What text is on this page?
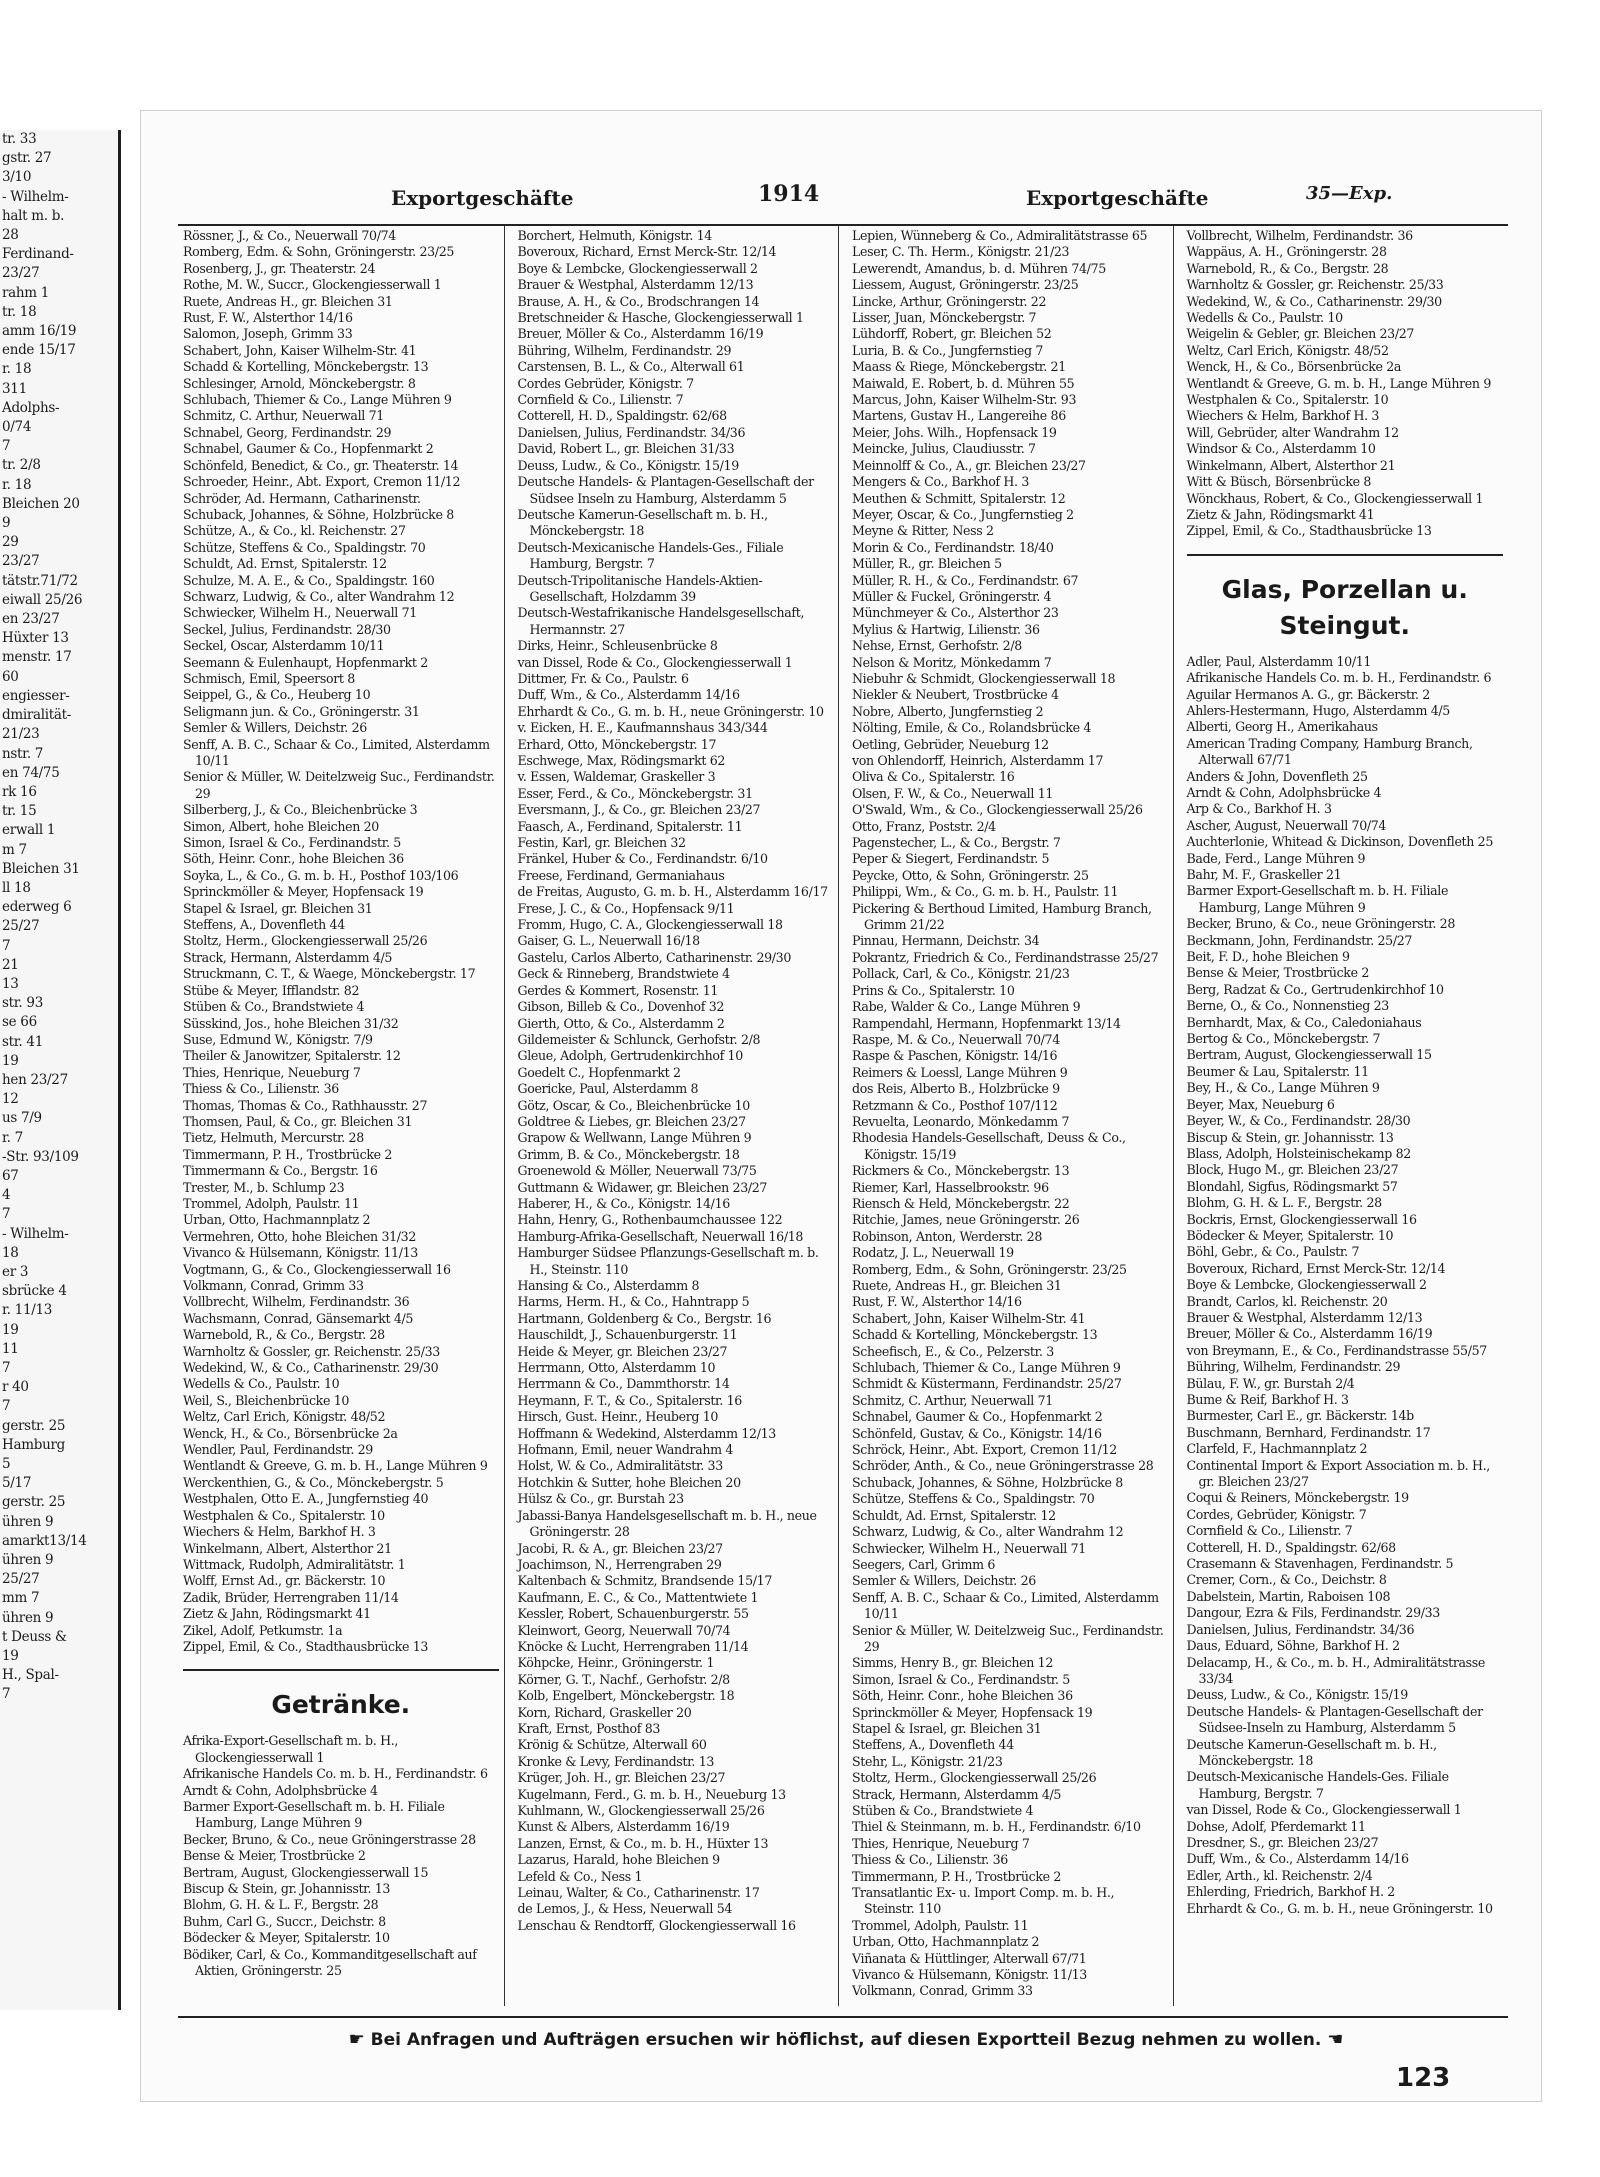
tr. 33
gstr. 27
3/10
- Wilhelm-
halt m. b.
28
Ferdinand-
23/27
rahm 1
tr. 18
amm 16/19
ende 15/17
r. 18
311
Adolphs-
0/74
7
tr. 2/8
r. 18
Bleichen 20
9
29
23/27
tätstr.71/72
eiwall 25/26
en 23/27
Hüxter 13
menstr. 17
60
engiesser-
dmiralität-
21/23
nstr. 7
en 74/75
rk 16
tr. 15
erwall 1
m 7
Bleichen 31
ll 18
ederweg 6
25/27
7
21
13
str. 93
se 66
str. 41
19
hen 23/27
12
us 7/9
r. 7
-Str. 93/109
67
4
7
- Wilhelm-
18
er 3
sbrücke 4
r. 11/13
19
11
7
r 40
7
gerstr. 25
Hamburg
5
5/17
gerstr. 25
ühren 9
amarkt13/14
ühren 9
25/27
mm 7
ühren 9
t Deuss &
19
H., Spal-
7
Exportgeschäfte	1914	Exportgeschäfte	35—Exp.
Rössner, J., & Co., Neuerwall 70/74
Romberg, Edm. & Sohn, Gröningerstr. 23/25
Rosenberg, J., gr. Theaterstr. 24
Rothe, M. W., Succr., Glockengiesserwall 1
Ruete, Andreas H., gr. Bleichen 31
Rust, F. W., Alsterthor 14/16
Salomon, Joseph, Grimm 33
Schabert, John, Kaiser Wilhelm-Str. 41
Schadd & Kortelling, Mönckebergstr. 13
Schlesinger, Arnold, Mönckebergstr. 8
Schlubach, Thiemer & Co., Lange Mühren 9
Schmitz, C. Arthur, Neuerwall 71
Schnabel, Georg, Ferdinandstr. 29
Schnabel, Gaumer & Co., Hopfenmarkt 2
Schönfeld, Benedict, & Co., gr. Theaterstr. 14
Schroeder, Heinr., Abt. Export, Cremon 11/12
Schröder, Ad. Hermann, Catharinenstr.
Schuback, Johannes, & Söhne, Holzbrücke 8
Schütze, A., & Co., kl. Reichenstr. 27
Schütze, Steffens & Co., Spaldingstr. 70
Schuldt, Ad. Ernst, Spitalerstr. 12
Schulze, M. A. E., & Co., Spaldingstr. 160
Schwarz, Ludwig, & Co., alter Wandrahm 12
Schwiecker, Wilhelm H., Neuerwall 71
Seckel, Julius, Ferdinandstr. 28/30
Seckel, Oscar, Alsterdamm 10/11
Seemann & Eulenhaupt, Hopfenmarkt 2
Schmisch, Emil, Speersort 8
Seippel, G., & Co., Heuberg 10
Seligmann jun. & Co., Gröningerstr. 31
Semler & Willers, Deichstr. 26
Senff, A. B. C., Schaar & Co., Limited, Alsterdamm 10/11
Senior & Müller, W. Deitelzweig Suc., Ferdinandstr. 29
Silberberg, J., & Co., Bleichenbrücke 3
Simon, Albert, hohe Bleichen 20
Simon, Israel & Co., Ferdinandstr. 5
Söth, Heinr. Conr., hohe Bleichen 36
Soyka, L., & Co., G. m. b. H., Posthof 103/106
Sprinckmöller & Meyer, Hopfensack 19
Stapel & Israel, gr. Bleichen 31
Steffens, A., Dovenfleth 44
Stoltz, Herm., Glockengiesserwall 25/26
Strack, Hermann, Alsterdamm 4/5
Struckmann, C. T., & Waege, Mönckebergstr. 17
Stübe & Meyer, Ifflandstr. 82
Stüben & Co., Brandstwiete 4
Süsskind, Jos., hohe Bleichen 31/32
Suse, Edmund W., Königstr. 7/9
Theiler & Janowitzer, Spitalerstr. 12
Thies, Henrique, Neueburg 7
Thiess & Co., Lilienstr. 36
Thomas, Thomas & Co., Rathhausstr. 27
Thomsen, Paul, & Co., gr. Bleichen 31
Tietz, Helmuth, Mercurstr. 28
Timmermann, P. H., Trostbrücke 2
Timmermann & Co., Bergstr. 16
Trester, M., b. Schlump 23
Trommel, Adolph, Paulstr. 11
Urban, Otto, Hachmannplatz 2
Vermehren, Otto, hohe Bleichen 31/32
Vivanco & Hülsemann, Königstr. 11/13
Vogtmann, G., & Co., Glockengiesserwall 16
Volkmann, Conrad, Grimm 33
Vollbrecht, Wilhelm, Ferdinandstr. 36
Wachsmann, Conrad, Gänsemarkt 4/5
Warnebold, R., & Co., Bergstr. 28
Warnholtz & Gossler, gr. Reichenstr. 25/33
Wedekind, W., & Co., Catharinenstr. 29/30
Wedells & Co., Paulstr. 10
Weil, S., Bleichenbrücke 10
Weltz, Carl Erich, Königstr. 48/52
Wenck, H., & Co., Börsenbrücke 2a
Wendler, Paul, Ferdinandstr. 29
Wentlandt & Greeve, G. m. b. H., Lange Mühren 9
Werckenthien, G., & Co., Mönckebergstr. 5
Westphalen, Otto E. A., Jungfernstieg 40
Westphalen & Co., Spitalerstr. 10
Wiechers & Helm, Barkhof H. 3
Winkelmann, Albert, Alsterthor 21
Wittmack, Rudolph, Admiralitätstr. 1
Wolff, Ernst Ad., gr. Bäckerstr. 10
Zadik, Brüder, Herrengraben 11/14
Zietz & Jahn, Rödingsmarkt 41
Zikel, Adolf, Petkumstr. 1a
Zippel, Emil, & Co., Stadthausbrücke 13
Getränke.
Afrika-Export-Gesellschaft m. b. H., Glockengiesserwall 1
Afrikanische Handels Co. m. b. H., Ferdinandstr. 6
Arndt & Cohn, Adolphsbrücke 4
Barmer Export-Gesellschaft m. b. H. Filiale Hamburg, Lange Mühren 9
Becker, Bruno, & Co., neue Gröningerstrasse 28
Bense & Meier, Trostbrücke 2
Bertram, August, Glockengiesserwall 15
Biscup & Stein, gr. Johannisstr. 13
Blohm, G. H. & L. F., Bergstr. 28
Buhm, Carl G., Succr., Deichstr. 8
Bödecker & Meyer, Spitalerstr. 10
Bödiker, Carl, & Co., Kommanditgesellschaft auf Aktien, Gröningerstr. 25
Borchert, Helmuth, Königstr. 14
Boveroux, Richard, Ernst Merck-Str. 12/14
Boye & Lembcke, Glockengiesserwall 2
Brauer & Westphal, Alsterdamm 12/13
Brause, A. H., & Co., Brodschrangen 14
Bretschneider & Hasche, Glockengiesserwall 1
Breuer, Möller & Co., Alsterdamm 16/19
Bühring, Wilhelm, Ferdinandstr. 29
Carstensen, B. L., & Co., Alterwall 61
Cordes Gebrüder, Königstr. 7
Cornfield & Co., Lilienstr. 7
Cotterell, H. D., Spaldingstr. 62/68
Danielsen, Julius, Ferdinandstr. 34/36
David, Robert L., gr. Bleichen 31/33
Deuss, Ludw., & Co., Königstr. 15/19
Deutsche Handels- & Plantagen-Gesellschaft der Südsee Inseln zu Hamburg, Alsterdamm 5
Deutsche Kamerun-Gesellschaft m. b. H., Mönckebergstr. 18
Deutsch-Mexicanische Handels-Ges., Filiale Hamburg, Bergstr. 7
Deutsch-Tripolitanische Handels-Aktien-Gesellschaft, Holzdamm 39
Deutsch-Westafrikanische Handelsgesellschaft, Hermannstr. 27
Dirks, Heinr., Schleusenbrücke 8
van Dissel, Rode & Co., Glockengiesserwall 1
Dittmer, Fr. & Co., Paulstr. 6
Duff, Wm., & Co., Alsterdamm 14/16
Ehrhardt & Co., G. m. b. H., neue Gröningerstr. 10
v. Eicken, H. E., Kaufmannshaus 343/344
Erhard, Otto, Mönckebergstr. 17
Eschwege, Max, Rödingsmarkt 62
v. Essen, Waldemar, Graskeller 3
Esser, Ferd., & Co., Mönckebergstr. 31
Eversmann, J., & Co., gr. Bleichen 23/27
Faasch, A., Ferdinand, Spitalerstr. 11
Festin, Karl, gr. Bleichen 32
Fränkel, Huber & Co., Ferdinandstr. 6/10
Freese, Ferdinand, Germaniahaus
de Freitas, Augusto, G. m. b. H., Alsterdamm 16/17
Frese, J. C., & Co., Hopfensack 9/11
Fromm, Hugo, C. A., Glockengiesserwall 18
Gaiser, G. L., Neuerwall 16/18
Gastelu, Carlos Alberto, Catharinenstr. 29/30
Geck & Rinneberg, Brandstwiete 4
Gerdes & Kommert, Rosenstr. 11
Gibson, Billeb & Co., Dovenhof 32
Gierth, Otto, & Co., Alsterdamm 2
Gildemeister & Schlunck, Gerhofstr. 2/8
Gleue, Adolph, Gertrudenkirchhof 10
Goedelt C., Hopfenmarkt 2
Goericke, Paul, Alsterdamm 8
Götz, Oscar, & Co., Bleichenbrücke 10
Goldtree & Liebes, gr. Bleichen 23/27
Grapow & Wellwann, Lange Mühren 9
Grimm, B. & Co., Mönckebergstr. 18
Groenewold & Möller, Neuerwall 73/75
Guttmann & Widawer, gr. Bleichen 23/27
Haberer, H., & Co., Königstr. 14/16
Hahn, Henry, G., Rothenbaumchaussee 122
Hamburg-Afrika-Gesellschaft, Neuerwall 16/18
Hamburger Südsee Pflanzungs-Gesellschaft m. b. H., Steinstr. 110
Hansing & Co., Alsterdamm 8
Harms, Herm. H., & Co., Hahntrapp 5
Hartmann, Goldenberg & Co., Bergstr. 16
Hauschildt, J., Schauenburgerstr. 11
Heide & Meyer, gr. Bleichen 23/27
Herrmann, Otto, Alsterdamm 10
Herrmann & Co., Dammthorstr. 14
Heymann, F. T., & Co., Spitalerstr. 16
Hirsch, Gust. Heinr., Heuberg 10
Hoffmann & Wedekind, Alsterdamm 12/13
Hofmann, Emil, neuer Wandrahm 4
Holst, W. & Co., Admiralitätstr. 33
Hotchkin & Sutter, hohe Bleichen 20
Hülsz & Co., gr. Burstah 23
Jabassi-Banya Handelsgesellschaft m. b. H., neue Gröningerstr. 28
Jacobi, R. & A., gr. Bleichen 23/27
Joachimson, N., Herrengraben 29
Kaltenbach & Schmitz, Brandsende 15/17
Kaufmann, E. C., & Co., Mattentwiete 1
Kessler, Robert, Schauenburgerstr. 55
Kleinwort, Georg, Neuerwall 70/74
Knöcke & Lucht, Herrengraben 11/14
Köhpcke, Heinr., Gröningerstr. 1
Körner, G. T., Nachf., Gerhofstr. 2/8
Kolb, Engelbert, Mönckebergstr. 18
Korn, Richard, Graskeller 20
Kraft, Ernst, Posthof 83
Krönig & Schütze, Alterwall 60
Kronke & Levy, Ferdinandstr. 13
Krüger, Joh. H., gr. Bleichen 23/27
Kugelmann, Ferd., G. m. b. H., Neueburg 13
Kuhlmann, W., Glockengiesserwall 25/26
Kunst & Albers, Alsterdamm 16/19
Lanzen, Ernst, & Co., m. b. H., Hüxter 13
Lazarus, Harald, hohe Bleichen 9
Lefeld & Co., Ness 1
Leinau, Walter, & Co., Catharinenstr. 17
de Lemos, J., & Hess, Neuerwall 54
Lenschau & Rendtorff, Glockengiesserwall 16
Lepien, Wünneberg & Co., Admiralitätstrasse 65
Leser, C. Th. Herm., Königstr. 21/23
Lewerendt, Amandus, b. d. Mühren 74/75
Liessem, August, Gröningerstr. 23/25
Lincke, Arthur, Gröningerstr. 22
Lisser, Juan, Mönckebergstr. 7
Lühdorff, Robert, gr. Bleichen 52
Luria, B. & Co., Jungfernstieg 7
Maass & Riege, Mönckebergstr. 21
Maiwald, E. Robert, b. d. Mühren 55
Marcus, John, Kaiser Wilhelm-Str. 93
Martens, Gustav H., Langereihe 86
Meier, Johs. Wilh., Hopfensack 19
Meincke, Julius, Claudiusstr. 7
Meinnolff & Co., A., gr. Bleichen 23/27
Mengers & Co., Barkhof H. 3
Meuthen & Schmitt, Spitalerstr. 12
Meyer, Oscar, & Co., Jungfernstieg 2
Meyne & Ritter, Ness 2
Morin & Co., Ferdinandstr. 18/40
Müller, R., gr. Bleichen 5
Müller, R. H., & Co., Ferdinandstr. 67
Müller & Fuckel, Gröningerstr. 4
Münchmeyer & Co., Alsterthor 23
Mylius & Hartwig, Lilienstr. 36
Nehse, Ernst, Gerhofstr. 2/8
Nelson & Moritz, Mönkedamm 7
Niebuhr & Schmidt, Glockengiesserwall 18
Niekler & Neubert, Trostbrücke 4
Nobre, Alberto, Jungfernstieg 2
Nölting, Emile, & Co., Rolandsbrücke 4
Oetling, Gebrüder, Neueburg 12
von Ohlendorff, Heinrich, Alsterdamm 17
Oliva & Co., Spitalerstr. 16
Olsen, F. W., & Co., Neuerwall 11
O'Swald, Wm., & Co., Glockengiesserwall 25/26
Otto, Franz, Poststr. 2/4
Pagenstecher, L., & Co., Bergstr. 7
Peper & Siegert, Ferdinandstr. 5
Peycke, Otto, & Sohn, Gröningerstr. 25
Philippi, Wm., & Co., G. m. b. H., Paulstr. 11
Pickering & Berthoud Limited, Hamburg Branch, Grimm 21/22
Pinnau, Hermann, Deichstr. 34
Pokrantz, Friedrich & Co., Ferdinandstrasse 25/27
Pollack, Carl, & Co., Königstr. 21/23
Prins & Co., Spitalerstr. 10
Rabe, Walder & Co., Lange Mühren 9
Rampendahl, Hermann, Hopfenmarkt 13/14
Raspe, M. & Co., Neuerwall 70/74
Raspe & Paschen, Königstr. 14/16
Reimers & Loessl, Lange Mühren 9
dos Reis, Alberto B., Holzbrücke 9
Retzmann & Co., Posthof 107/112
Revuelta, Leonardo, Mönkedamm 7
Rhodesia Handels-Gesellschaft, Deuss & Co., Königstr. 15/19
Rickmers & Co., Mönckebergstr. 13
Riemer, Karl, Hasselbrookstr. 96
Riensch & Held, Mönckebergstr. 22
Ritchie, James, neue Gröningerstr. 26
Robinson, Anton, Werderstr. 28
Rodatz, J. L., Neuerwall 19
Romberg, Edm., & Sohn, Gröningerstr. 23/25
Ruete, Andreas H., gr. Bleichen 31
Rust, F. W., Alsterthor 14/16
Schabert, John, Kaiser Wilhelm-Str. 41
Schadd & Kortelling, Mönckebergstr. 13
Scheefisch, E., & Co., Pelzerstr. 3
Schlubach, Thiemer & Co., Lange Mühren 9
Schmidt & Küstermann, Ferdinandstr. 25/27
Schmitz, C. Arthur, Neuerwall 71
Schnabel, Gaumer & Co., Hopfenmarkt 2
Schönfeld, Gustav, & Co., Königstr. 14/16
Schröck, Heinr., Abt. Export, Cremon 11/12
Schröder, Anth., & Co., neue Gröningerstrasse 28
Schuback, Johannes, & Söhne, Holzbrücke 8
Schütze, Steffens & Co., Spaldingstr. 70
Schuldt, Ad. Ernst, Spitalerstr. 12
Schwarz, Ludwig, & Co., alter Wandrahm 12
Schwiecker, Wilhelm H., Neuerwall 71
Seegers, Carl, Grimm 6
Semler & Willers, Deichstr. 26
Senff, A. B. C., Schaar & Co., Limited, Alsterdamm 10/11
Senior & Müller, W. Deitelzweig Suc., Ferdinandstr. 29
Simms, Henry B., gr. Bleichen 12
Simon, Israel & Co., Ferdinandstr. 5
Söth, Heinr. Conr., hohe Bleichen 36
Sprinckmöller & Meyer, Hopfensack 19
Stapel & Israel, gr. Bleichen 31
Steffens, A., Dovenfleth 44
Stehr, L., Königstr. 21/23
Stoltz, Herm., Glockengiesserwall 25/26
Strack, Hermann, Alsterdamm 4/5
Stüben & Co., Brandstwiete 4
Thiel & Steinmann, m. b. H., Ferdinandstr. 6/10
Thies, Henrique, Neueburg 7
Thiess & Co., Lilienstr. 36
Timmermann, P. H., Trostbrücke 2
Transatlantic Ex- u. Import Comp. m. b. H., Steinstr. 110
Trommel, Adolph, Paulstr. 11
Urban, Otto, Hachmannplatz 2
Viñanata & Hüttlinger, Alterwall 67/71
Vivanco & Hülsemann, Königstr. 11/13
Volkmann, Conrad, Grimm 33
Vollbrecht, Wilhelm, Ferdinandstr. 36
Wappäus, A. H., Gröningerstr. 28
Warnebold, R., & Co., Bergstr. 28
Warnholtz & Gossler, gr. Reichenstr. 25/33
Wedekind, W., & Co., Catharinenstr. 29/30
Wedells & Co., Paulstr. 10
Weigelin & Gebler, gr. Bleichen 23/27
Weltz, Carl Erich, Königstr. 48/52
Wenck, H., & Co., Börsenbrücke 2a
Wentlandt & Greeve, G. m. b. H., Lange Mühren 9
Westphalen & Co., Spitalerstr. 10
Wiechers & Helm, Barkhof H. 3
Will, Gebrüder, alter Wandrahm 12
Windsor & Co., Alsterdamm 10
Winkelmann, Albert, Alsterthor 21
Witt & Büsch, Börsenbrücke 8
Wönckhaus, Robert, & Co., Glockengiesserwall 1
Zietz & Jahn, Rödingsmarkt 41
Zippel, Emil, & Co., Stadthausbrücke 13
Glas, Porzellan u.
Steingut.
Adler, Paul, Alsterdamm 10/11
Afrikanische Handels Co. m. b. H., Ferdinandstr. 6
Aguilar Hermanos A. G., gr. Bäckerstr. 2
Ahlers-Hestermann, Hugo, Alsterdamm 4/5
Alberti, Georg H., Amerikahaus
American Trading Company, Hamburg Branch, Alterwall 67/71
Anders & John, Dovenfleth 25
Arndt & Cohn, Adolphsbrücke 4
Arp & Co., Barkhof H. 3
Ascher, August, Neuerwall 70/74
Auchterlonie, Whitead & Dickinson, Dovenfleth 25
Bade, Ferd., Lange Mühren 9
Bahr, M. F., Graskeller 21
Barmer Export-Gesellschaft m. b. H. Filiale Hamburg, Lange Mühren 9
Becker, Bruno, & Co., neue Gröningerstr. 28
Beckmann, John, Ferdinandstr. 25/27
Beit, F. D., hohe Bleichen 9
Bense & Meier, Trostbrücke 2
Berg, Radzat & Co., Gertrudenkirchhof 10
Berne, O., & Co., Nonnenstieg 23
Bernhardt, Max, & Co., Caledoniahaus
Bertog & Co., Mönckebergstr. 7
Bertram, August, Glockengiesserwall 15
Beumer & Lau, Spitalerstr. 11
Bey, H., & Co., Lange Mühren 9
Beyer, Max, Neueburg 6
Beyer, W., & Co., Ferdinandstr. 28/30
Biscup & Stein, gr. Johannisstr. 13
Blass, Adolph, Holsteinischekamp 82
Block, Hugo M., gr. Bleichen 23/27
Blondahl, Sigfus, Rödingsmarkt 57
Blohm, G. H. & L. F., Bergstr. 28
Bockris, Ernst, Glockengiesserwall 16
Bödecker & Meyer, Spitalerstr. 10
Böhl, Gebr., & Co., Paulstr. 7
Boveroux, Richard, Ernst Merck-Str. 12/14
Boye & Lembcke, Glockengiesserwall 2
Brandt, Carlos, kl. Reichenstr. 20
Brauer & Westphal, Alsterdamm 12/13
Breuer, Möller & Co., Alsterdamm 16/19
von Breymann, E., & Co., Ferdinandstrasse 55/57
Bühring, Wilhelm, Ferdinandstr. 29
Bülau, F. W., gr. Burstah 2/4
Bume & Reif, Barkhof H. 3
Burmester, Carl E., gr. Bäckerstr. 14b
Buschmann, Bernhard, Ferdinandstr. 17
Clarfeld, F., Hachmannplatz 2
Continental Import & Export Association m. b. H., gr. Bleichen 23/27
Coqui & Reiners, Mönckebergstr. 19
Cordes, Gebrüder, Königstr. 7
Cornfield & Co., Lilienstr. 7
Cotterell, H. D., Spaldingstr. 62/68
Crasemann & Stavenhagen, Ferdinandstr. 5
Cremer, Corn., & Co., Deichstr. 8
Dabelstein, Martin, Raboisen 108
Dangour, Ezra & Fils, Ferdinandstr. 29/33
Danielsen, Julius, Ferdinandstr. 34/36
Daus, Eduard, Söhne, Barkhof H. 2
Delacamp, H., & Co., m. b. H., Admiralitätstrasse 33/34
Deuss, Ludw., & Co., Königstr. 15/19
Deutsche Handels- & Plantagen-Gesellschaft der Südsee-Inseln zu Hamburg, Alsterdamm 5
Deutsche Kamerun-Gesellschaft m. b. H., Mönckebergstr. 18
Deutsch-Mexicanische Handels-Ges. Filiale Hamburg, Bergstr. 7
van Dissel, Rode & Co., Glockengiesserwall 1
Dohse, Adolf, Pferdemarkt 11
Dresdner, S., gr. Bleichen 23/27
Duff, Wm., & Co., Alsterdamm 14/16
Edler, Arth., kl. Reichenstr. 2/4
Ehlerding, Friedrich, Barkhof H. 2
Ehrhardt & Co., G. m. b. H., neue Gröningerstr. 10
☛ Bei Anfragen und Aufträgen ersuchen wir höflichst, auf diesen Exportteil Bezug nehmen zu wollen. ☚
123
